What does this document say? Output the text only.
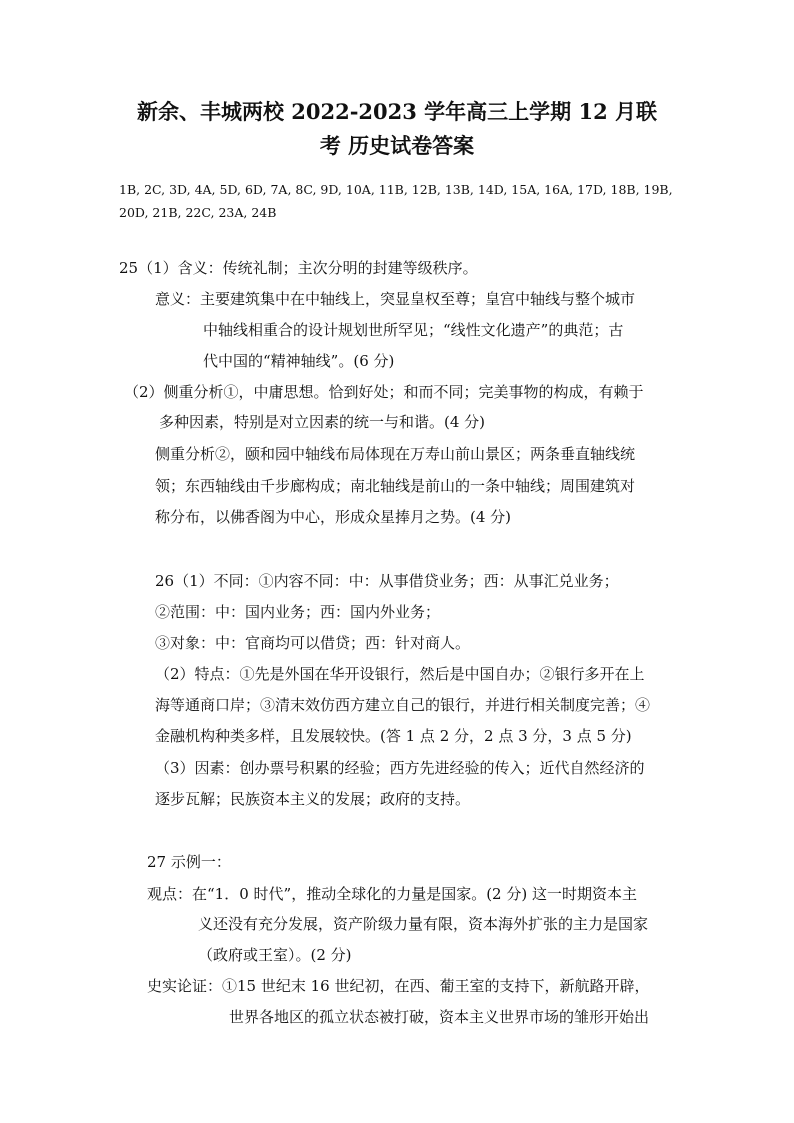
新余、丰城两校 2022-2023 学年高三上学期 12 月联
考 历史试卷答案
1B, 2C, 3D, 4A, 5D, 6D, 7A, 8C, 9D, 10A, 11B, 12B, 13B, 14D, 15A, 16A, 17D, 18B, 19B,
20D, 21B, 22C, 23A, 24B
25（1）含义：传统礼制；主次分明的封建等级秩序。
意义：主要建筑集中在中轴线上，突显皇权至尊；皇宫中轴线与整个城市
中轴线相重合的设计规划世所罕见；“线性文化遗产”的典范；古
代中国的“精神轴线”。(6 分)
（2）侧重分析①，中庸思想。恰到好处；和而不同；完美事物的构成，有赖于
多种因素，特别是对立因素的统一与和谐。(4 分)
侧重分析②，颐和园中轴线布局体现在万寿山前山景区；两条垂直轴线统
领；东西轴线由千步廊构成；南北轴线是前山的一条中轴线；周围建筑对
称分布，以佛香阁为中心，形成众星捧月之势。(4 分)
26（1）不同：①内容不同：中：从事借贷业务；西：从事汇兑业务；
②范围：中：国内业务；西：国内外业务；
③对象：中：官商均可以借贷；西：针对商人。
（2）特点：①先是外国在华开设银行，然后是中国自办；②银行多开在上
海等通商口岸；③清末效仿西方建立自己的银行，并进行相关制度完善；④
金融机构种类多样，且发展较快。(答 1 点 2 分，2 点 3 分，3 点 5 分)
（3）因素：创办票号积累的经验；西方先进经验的传入；近代自然经济的
逐步瓦解；民族资本主义的发展；政府的支持。
27 示例一：
观点：在“1．0 时代”，推动全球化的力量是国家。(2 分) 这一时期资本主
义还没有充分发展，资产阶级力量有限，资本海外扩张的主力是国家
（政府或王室）。(2 分)
史实论证：①15 世纪末 16 世纪初，在西、葡王室的支持下，新航路开辟，
世界各地区的孤立状态被打破，资本主义世界市场的雏形开始出
